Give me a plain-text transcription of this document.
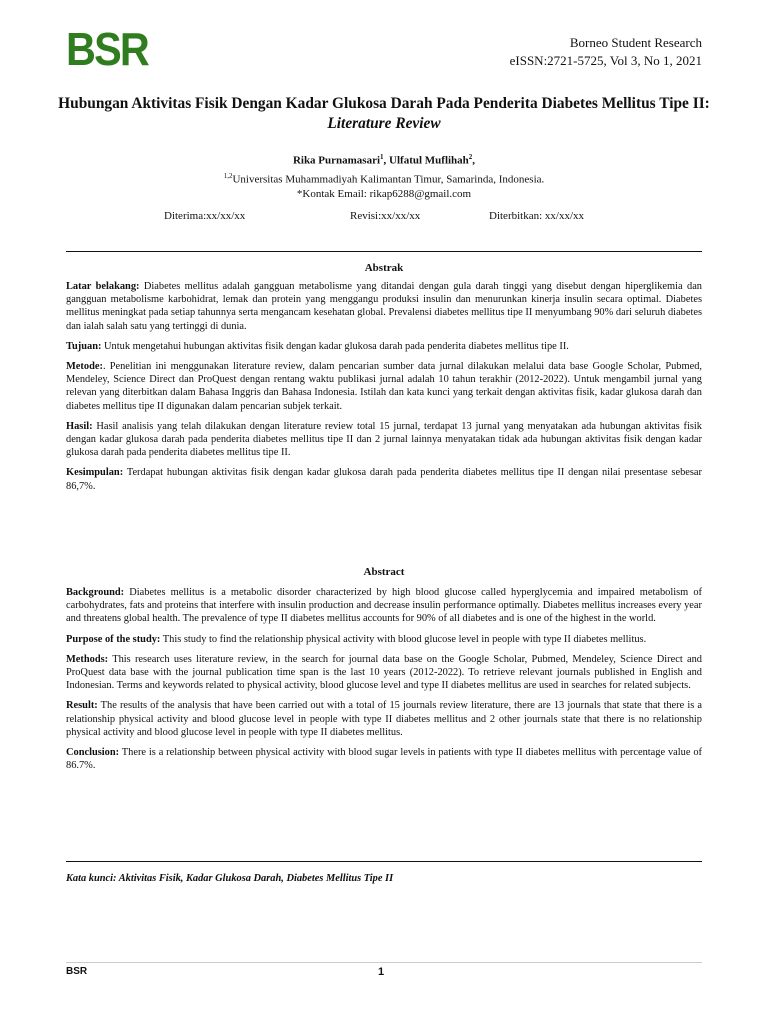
BSR	Borneo Student Research
eISSN:2721-5725, Vol 3, No 1, 2021
Hubungan Aktivitas Fisik Dengan Kadar Glukosa Darah Pada Penderita Diabetes Mellitus Tipe II: Literature Review
Rika Purnamasari$^1$, Ulfatul Muflihah$^2$,
$^{1,2}$Universitas Muhammadiyah Kalimantan Timur, Samarinda, Indonesia.
*Kontak Email: rikap6288@gmail.com
Diterima:xx/xx/xx	Revisi:xx/xx/xx	Diterbitkan: xx/xx/xx
Abstrak

Latar belakang: Diabetes mellitus adalah gangguan metabolisme yang ditandai dengan gula darah tinggi yang disebut dengan hiperglikemia dan gangguan metabolisme karbohidrat, lemak dan protein yang menggangu produksi insulin dan menurunkan kinerja insulin secara optimal. Diabetes mellitus meningkat pada setiap tahunnya serta mengancam kesehatan global. Prevalensi diabetes mellitus tipe II menyumbang 90% dari seluruh diabetes dan ialah salah satu yang tertinggi di dunia.

Tujuan: Untuk mengetahui hubungan aktivitas fisik dengan kadar glukosa darah pada penderita diabetes mellitus tipe II.

Metode:. Penelitian ini menggunakan literature review, dalam pencarian sumber data jurnal dilakukan melalui data base Google Scholar, Pubmed, Mendeley, Science Direct dan ProQuest dengan rentang waktu publikasi jurnal adalah 10 tahun terakhir (2012-2022). Untuk mengambil jurnal yang relevan yang diterbitkan dalam Bahasa Inggris dan Bahasa Indonesia. Istilah dan kata kunci yang terkait dengan aktivitas fisik, kadar glukosa darah dan diabetes mellitus tipe II digunakan dalam pencarian subjek terkait.

Hasil: Hasil analisis yang telah dilakukan dengan literature review total 15 jurnal, terdapat 13 jurnal yang menyatakan ada hubungan aktivitas fisik dengan kadar glukosa darah pada penderita diabetes mellitus tipe II dan 2 jurnal lainnya menyatakan tidak ada hubungan aktivitas fisik dengan kadar glukosa darah pada penderita diabetes mellitus tipe II.

Kesimpulan: Terdapat hubungan aktivitas fisik dengan kadar glukosa darah pada penderita diabetes mellitus tipe II dengan nilai presentase sebesar 86,7%.

Abstract

Background: Diabetes mellitus is a metabolic disorder characterized by high blood glucose called hyperglycemia and impaired metabolism of carbohydrates, fats and proteins that interfere with insulin production and decrease insulin performance optimally. Diabetes mellitus increases every year and threatens global health. The prevalence of type II diabetes mellitus accounts for 90% of all diabetes and is one of the highest in the world.

Purpose of the study: This study to find the relationship physical activity with blood glucose level in people with type II diabetes mellitus.

Methods: This research uses literature review, in the search for journal data base on the Google Scholar, Pubmed, Mendeley, Science Direct and ProQuest data base with the journal publication time span is the last 10 years (2012-2022). To retrieve relevant journals published in English and Indonesian. Terms and keywords related to physical activity, blood glucose level and type II diabetes mellitus are used in searches for related subjects.

Result: The results of the analysis that have been carried out with a total of 15 journals review literature, there are 13 journals that state that there is a relationship physical activity and blood glucose level in people with type II diabetes mellitus and 2 other journals state that there is no relationship physical activity and blood glucose level in people with type II diabetes mellitus.

Conclusion: There is a relationship between physical activity with blood sugar levels in patients with type II diabetes mellitus with percentage value of 86.7%.

Kata kunci: Aktivitas Fisik, Kadar Glukosa Darah, Diabetes Mellitus Tipe II
BSR	1
